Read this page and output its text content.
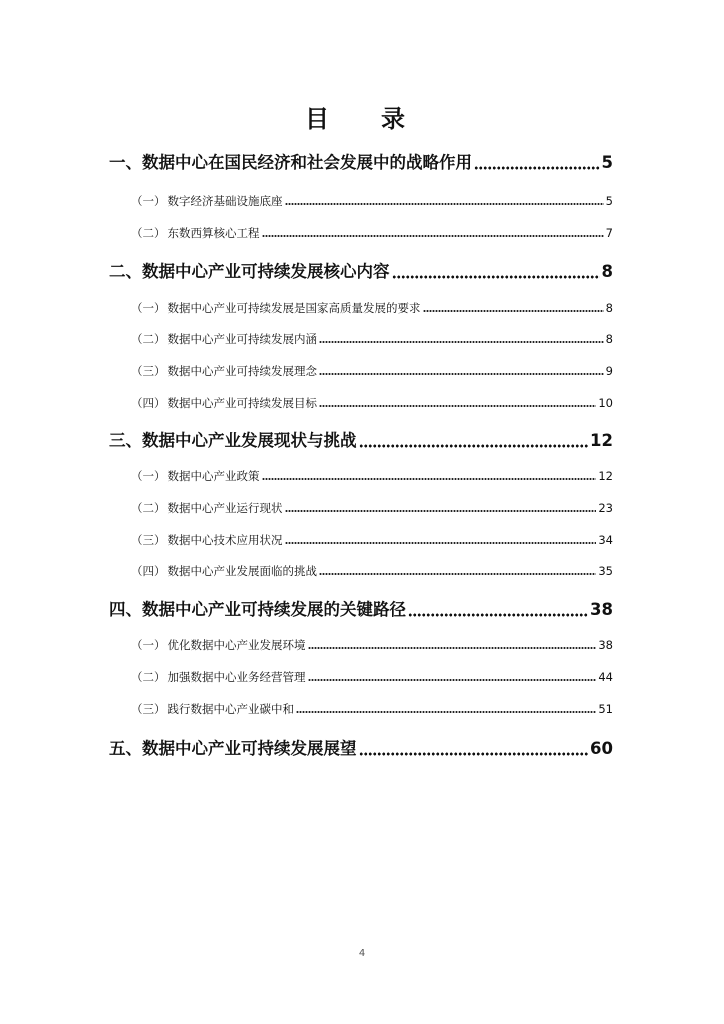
目　录
一、数据中心在国民经济和社会发展中的战略作用	5
（一） 数字经济基础设施底座	5
（二） 东数西算核心工程	7
二、数据中心产业可持续发展核心内容	8
（一） 数据中心产业可持续发展是国家高质量发展的要求	8
（二） 数据中心产业可持续发展内涵	8
（三） 数据中心产业可持续发展理念	9
（四） 数据中心产业可持续发展目标	10
三、数据中心产业发展现状与挑战	12
（一） 数据中心产业政策	12
（二） 数据中心产业运行现状	23
（三） 数据中心技术应用状况	34
（四） 数据中心产业发展面临的挑战	35
四、数据中心产业可持续发展的关键路径	38
（一） 优化数据中心产业发展环境	38
（二） 加强数据中心业务经营管理	44
（三） 践行数据中心产业碳中和	51
五、数据中心产业可持续发展展望	60
4
